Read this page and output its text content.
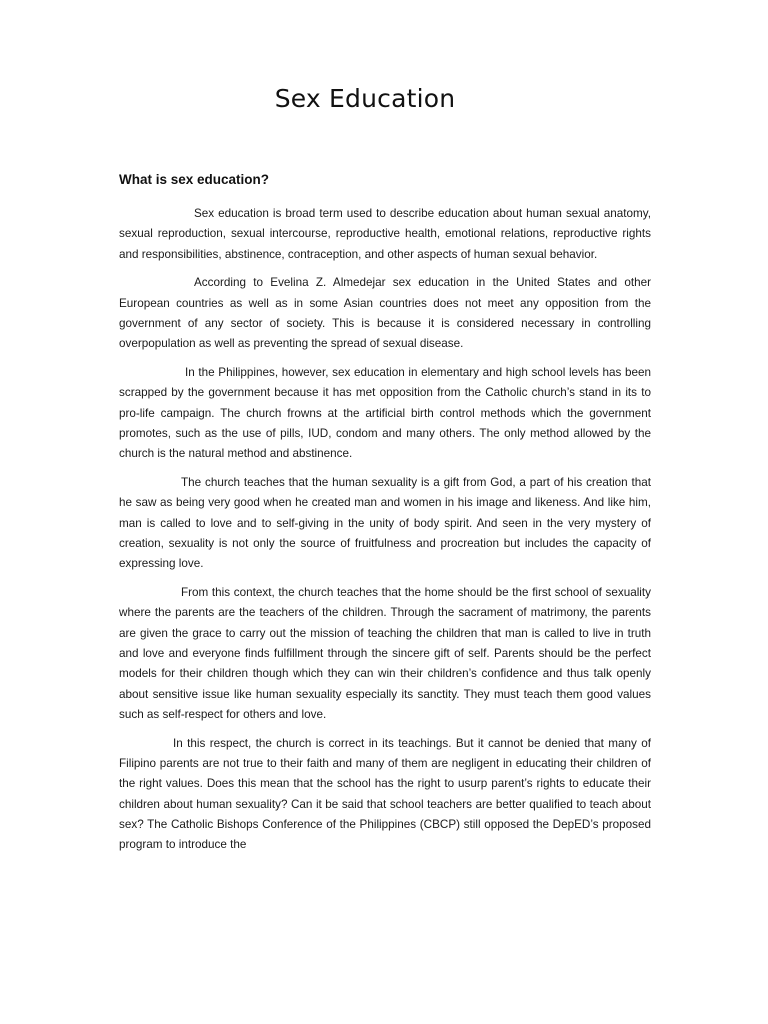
Sex Education
What is sex education?

Sex education is broad term used to describe education about human sexual anatomy, sexual reproduction, sexual intercourse, reproductive health, emotional relations, reproductive rights and responsibilities, abstinence, contraception, and other aspects of human sexual behavior.

According to Evelina Z. Almedejar sex education in the United States and other European countries as well as in some Asian countries does not meet any opposition from the government of any sector of society. This is because it is considered necessary in controlling overpopulation as well as preventing the spread of sexual disease.

In the Philippines, however, sex education in elementary and high school levels has been scrapped by the government because it has met opposition from the Catholic church’s stand in its to pro-life campaign. The church frowns at the artificial birth control methods which the government promotes, such as the use of pills, IUD, condom and many others. The only method allowed by the church is the natural method and abstinence.

The church teaches that the human sexuality is a gift from God, a part of his creation that he saw as being very good when he created man and women in his image and likeness. And like him, man is called to love and to self-giving in the unity of body spirit. And seen in the very mystery of creation, sexuality is not only the source of fruitfulness and procreation but includes the capacity of expressing love.

From this context, the church teaches that the home should be the first school of sexuality where the parents are the teachers of the children. Through the sacrament of matrimony, the parents are given the grace to carry out the mission of teaching the children that man is called to live in truth and love and everyone finds fulfillment through the sincere gift of self. Parents should be the perfect models for their children though which they can win their children’s confidence and thus talk openly about sensitive issue like human sexuality especially its sanctity. They must teach them good values such as self-respect for others and love.

In this respect, the church is correct in its teachings. But it cannot be denied that many of Filipino parents are not true to their faith and many of them are negligent in educating their children of the right values. Does this mean that the school has the right to usurp parent’s rights to educate their children about human sexuality? Can it be said that school teachers are better qualified to teach about sex? The Catholic Bishops Conference of the Philippines (CBCP) still opposed the DepED’s proposed program to introduce the
